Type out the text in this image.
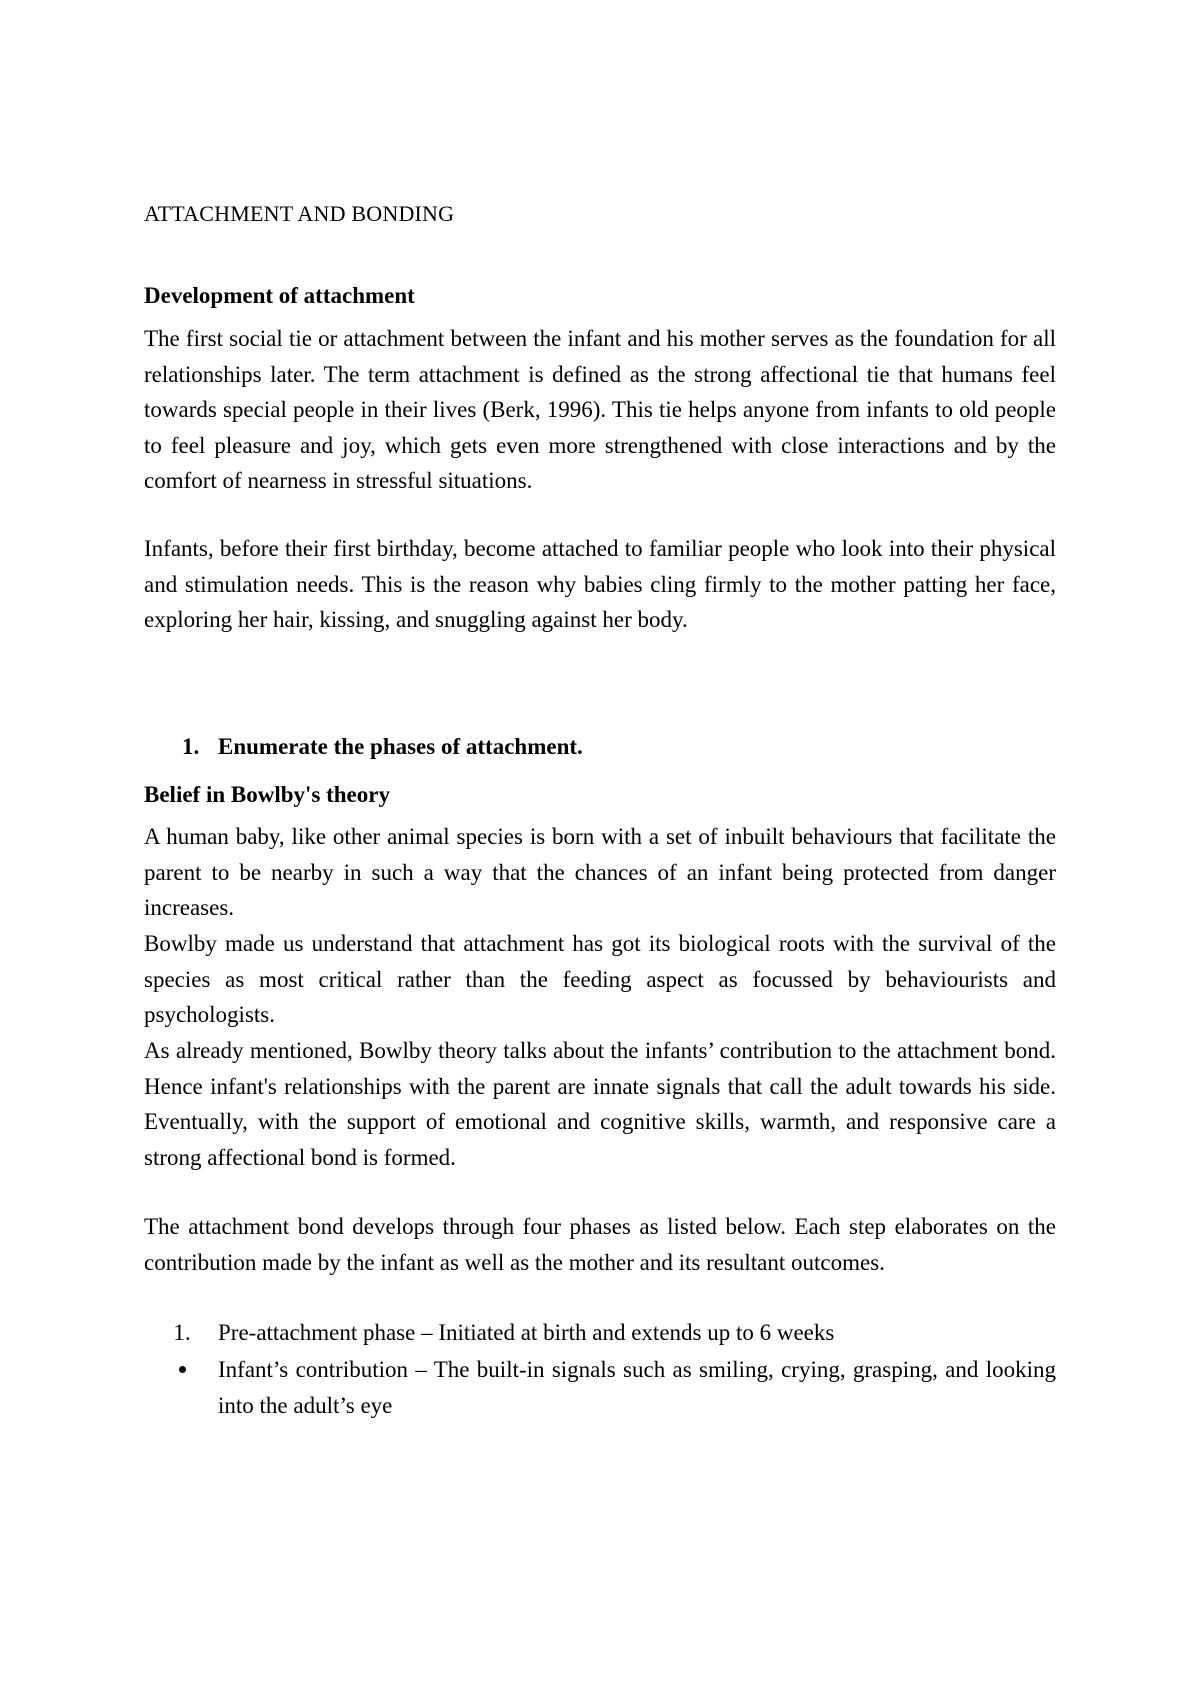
ATTACHMENT AND BONDING
Development of attachment

The first social tie or attachment between the infant and his mother serves as the foundation for all relationships later. The term attachment is defined as the strong affectional tie that humans feel towards special people in their lives (Berk, 1996). This tie helps anyone from infants to old people to feel pleasure and joy, which gets even more strengthened with close interactions and by the comfort of nearness in stressful situations.

Infants, before their first birthday, become attached to familiar people who look into their physical and stimulation needs. This is the reason why babies cling firmly to the mother patting her face, exploring her hair, kissing, and snuggling against her body.

1. Enumerate the phases of attachment.

Belief in Bowlby's theory

A human baby, like other animal species is born with a set of inbuilt behaviours that facilitate the parent to be nearby in such a way that the chances of an infant being protected from danger increases.

Bowlby made us understand that attachment has got its biological roots with the survival of the species as most critical rather than the feeding aspect as focussed by behaviourists and psychologists.

As already mentioned, Bowlby theory talks about the infants’ contribution to the attachment bond. Hence infant's relationships with the parent are innate signals that call the adult towards his side. Eventually, with the support of emotional and cognitive skills, warmth, and responsive care a strong affectional bond is formed.

The attachment bond develops through four phases as listed below. Each step elaborates on the contribution made by the infant as well as the mother and its resultant outcomes.

1.	Pre-attachment phase – Initiated at birth and extends up to 6 weeks
Infant’s contribution – The built-in signals such as smiling, crying, grasping, and looking into the adult’s eye
